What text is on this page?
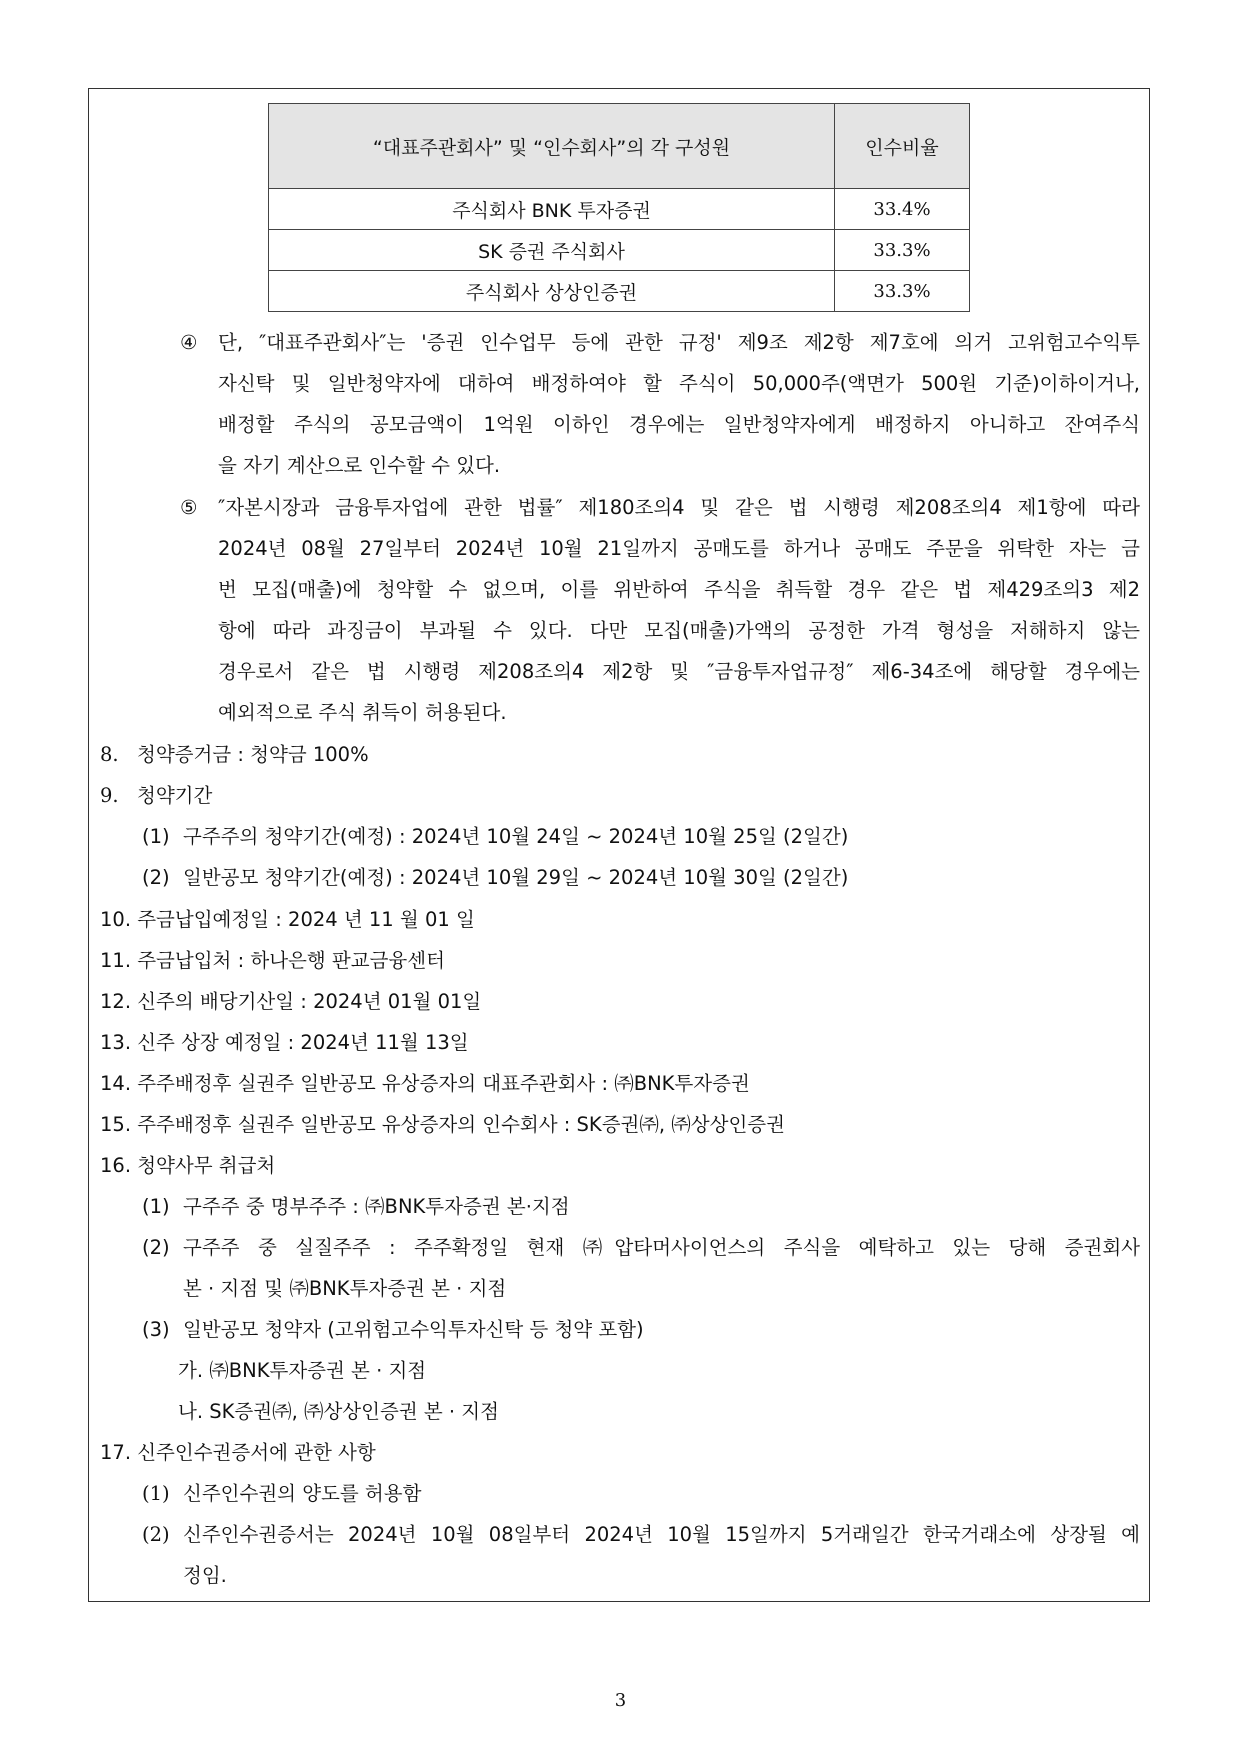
“대표주관회사” 및 “인수회사”의 각 구성원	인수비율
주식회사 BNK 투자증권	33.4%
SK 증권 주식회사	33.3%
주식회사 상상인증권	33.3%
④ 단, ″대표주관회사″는 '증권 인수업무 등에 관한 규정' 제9조 제2항 제7호에 의거 고위험고수익투
자신탁 및 일반청약자에 대하여 배정하여야 할 주식이 50,000주(액면가 500원 기준)이하이거나,
배정할 주식의 공모금액이 1억원 이하인 경우에는 일반청약자에게 배정하지 아니하고 잔여주식
을 자기 계산으로 인수할 수 있다.
⑤ ″자본시장과 금융투자업에 관한 법률″ 제180조의4 및 같은 법 시행령 제208조의4 제1항에 따라
2024년 08월 27일부터 2024년 10월 21일까지 공매도를 하거나 공매도 주문을 위탁한 자는 금
번 모집(매출)에 청약할 수 없으며, 이를 위반하여 주식을 취득할 경우 같은 법 제429조의3 제2
항에 따라 과징금이 부과될 수 있다. 다만 모집(매출)가액의 공정한 가격 형성을 저해하지 않는
경우로서 같은 법 시행령 제208조의4 제2항 및 ″금융투자업규정″ 제6-34조에 해당할 경우에는
예외적으로 주식 취득이 허용된다.
8. 청약증거금 : 청약금 100%
9. 청약기간
(1) 구주주의 청약기간(예정) : 2024년 10월 24일 ~ 2024년 10월 25일 (2일간)
(2) 일반공모 청약기간(예정) : 2024년 10월 29일 ~ 2024년 10월 30일 (2일간)
10. 주금납입예정일 : 2024 년 11 월 01 일
11. 주금납입처 : 하나은행 판교금융센터
12. 신주의 배당기산일 : 2024년 01월 01일
13. 신주 상장 예정일 : 2024년 11월 13일
14. 주주배정후 실권주 일반공모 유상증자의 대표주관회사 : ㈜BNK투자증권
15. 주주배정후 실권주 일반공모 유상증자의 인수회사 : SK증권㈜, ㈜상상인증권
16. 청약사무 취급처
(1) 구주주 중 명부주주 : ㈜BNK투자증권 본·지점
(2) 구주주 중 실질주주 : 주주확정일 현재 ㈜압타머사이언스의 주식을 예탁하고 있는 당해 증권회사
본 · 지점 및 ㈜BNK투자증권 본 · 지점
(3) 일반공모 청약자 (고위험고수익투자신탁 등 청약 포함)
가. ㈜BNK투자증권 본 · 지점
나. SK증권㈜, ㈜상상인증권 본 · 지점
17. 신주인수권증서에 관한 사항
(1) 신주인수권의 양도를 허용함
(2) 신주인수권증서는 2024년 10월 08일부터 2024년 10월 15일까지 5거래일간 한국거래소에 상장될 예
정임.
3
